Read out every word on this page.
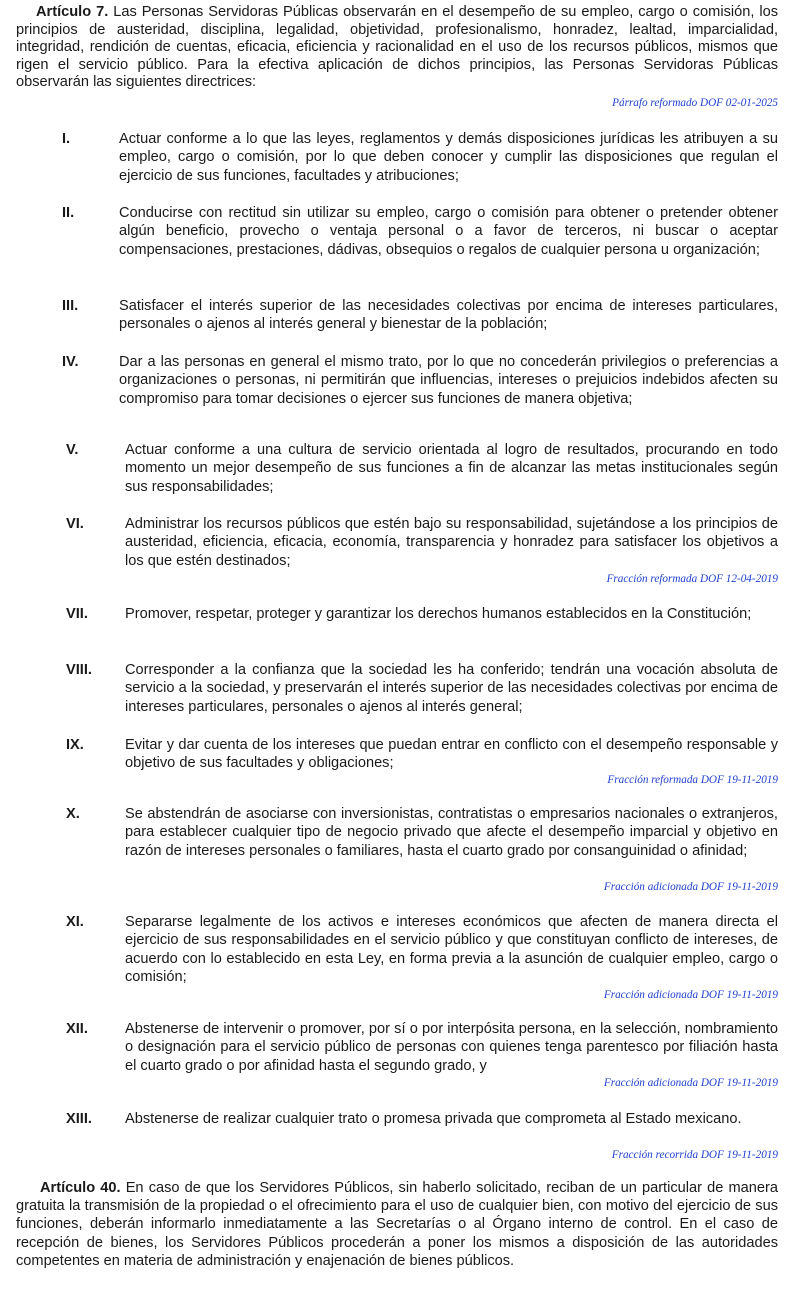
Artículo 7. Las Personas Servidoras Públicas observarán en el desempeño de su empleo, cargo o comisión, los principios de austeridad, disciplina, legalidad, objetividad, profesionalismo, honradez, lealtad, imparcialidad, integridad, rendición de cuentas, eficacia, eficiencia y racionalidad en el uso de los recursos públicos, mismos que rigen el servicio público. Para la efectiva aplicación de dichos principios, las Personas Servidoras Públicas observarán las siguientes directrices:
Párrafo reformado DOF 02-01-2025
I.	Actuar conforme a lo que las leyes, reglamentos y demás disposiciones jurídicas les atribuyen a su empleo, cargo o comisión, por lo que deben conocer y cumplir las disposiciones que regulan el ejercicio de sus funciones, facultades y atribuciones;
II.	Conducirse con rectitud sin utilizar su empleo, cargo o comisión para obtener o pretender obtener algún beneficio, provecho o ventaja personal o a favor de terceros, ni buscar o aceptar compensaciones, prestaciones, dádivas, obsequios o regalos de cualquier persona u organización;
III.	Satisfacer el interés superior de las necesidades colectivas por encima de intereses particulares, personales o ajenos al interés general y bienestar de la población;
IV.	Dar a las personas en general el mismo trato, por lo que no concederán privilegios o preferencias a organizaciones o personas, ni permitirán que influencias, intereses o prejuicios indebidos afecten su compromiso para tomar decisiones o ejercer sus funciones de manera objetiva;
V.	Actuar conforme a una cultura de servicio orientada al logro de resultados, procurando en todo momento un mejor desempeño de sus funciones a fin de alcanzar las metas institucionales según sus responsabilidades;
VI.	Administrar los recursos públicos que estén bajo su responsabilidad, sujetándose a los principios de austeridad, eficiencia, eficacia, economía, transparencia y honradez para satisfacer los objetivos a los que estén destinados;
Fracción reformada DOF 12-04-2019
VII.	Promover, respetar, proteger y garantizar los derechos humanos establecidos en la Constitución;
VIII. Corresponder a la confianza que la sociedad les ha conferido; tendrán una vocación absoluta de servicio a la sociedad, y preservarán el interés superior de las necesidades colectivas por encima de intereses particulares, personales o ajenos al interés general;
IX.	Evitar y dar cuenta de los intereses que puedan entrar en conflicto con el desempeño responsable y objetivo de sus facultades y obligaciones;
Fracción reformada DOF 19-11-2019
X.	Se abstendrán de asociarse con inversionistas, contratistas o empresarios nacionales o extranjeros, para establecer cualquier tipo de negocio privado que afecte el desempeño imparcial y objetivo en razón de intereses personales o familiares, hasta el cuarto grado por consanguinidad o afinidad;
Fracción adicionada DOF 19-11-2019
XI.	Separarse legalmente de los activos e intereses económicos que afecten de manera directa el ejercicio de sus responsabilidades en el servicio público y que constituyan conflicto de intereses, de acuerdo con lo establecido en esta Ley, en forma previa a la asunción de cualquier empleo, cargo o comisión;
Fracción adicionada DOF 19-11-2019
XII.	Abstenerse de intervenir o promover, por sí o por interpósita persona, en la selección, nombramiento o designación para el servicio público de personas con quienes tenga parentesco por filiación hasta el cuarto grado o por afinidad hasta el segundo grado, y
Fracción adicionada DOF 19-11-2019
XIII. Abstenerse de realizar cualquier trato o promesa privada que comprometa al Estado mexicano.
Fracción recorrida DOF 19-11-2019
Artículo 40. En caso de que los Servidores Públicos, sin haberlo solicitado, reciban de un particular de manera gratuita la transmisión de la propiedad o el ofrecimiento para el uso de cualquier bien, con motivo del ejercicio de sus funciones, deberán informarlo inmediatamente a las Secretarías o al Órgano interno de control. En el caso de recepción de bienes, los Servidores Públicos procederán a poner los mismos a disposición de las autoridades competentes en materia de administración y enajenación de bienes públicos.
